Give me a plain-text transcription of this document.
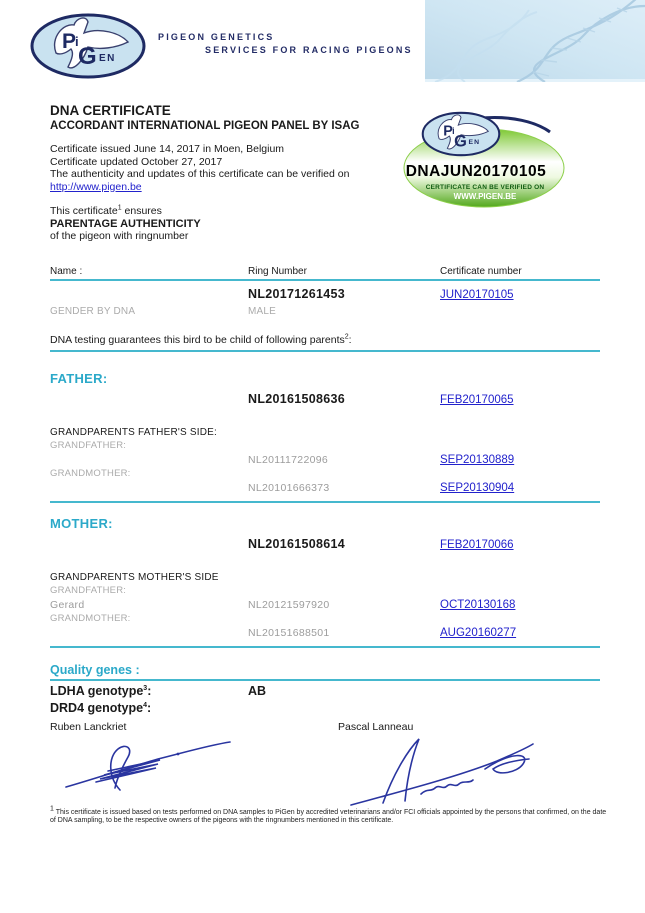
PIGEON GENETICS
SERVICES FOR RACING PIGEONS
DNAJUN20170105
CERTIFICATE CAN BE VERIFIED ON
WWW.PIGEN.BE
DNA CERTIFICATE
ACCORDANT INTERNATIONAL PIGEON PANEL BY ISAG
Certificate issued June 14, 2017 in Moen, Belgium
Certificate updated October 27, 2017
The authenticity and updates of this certificate can be verified on
http://www.pigen.be
This certificate$^1$ ensures
PARENTAGE AUTHENTICITY
of the pigeon with ringnumber
Name :	Ring Number	Certificate number
NL20171261453	JUN20170105
GENDER BY DNA	MALE
DNA testing guarantees this bird to be child of following parents$^2$:
FATHER:
NL20161508636	FEB20170065
GRANDPARENTS FATHER'S SIDE:
GRANDFATHER:
NL20111722096	SEP20130889
GRANDMOTHER:
NL20101666373	SEP20130904
MOTHER:
NL20161508614	FEB20170066
GRANDPARENTS MOTHER'S SIDE
GRANDFATHER:
Gerard	NL20121597920	OCT20130168
GRANDMOTHER:
NL20151688501	AUG20160277
Quality genes :
LDHA genotype$^3$:	AB
DRD4 genotype$^4$:
Ruben Lanckriet	Pascal Lanneau
$^1$ This certificate is issued based on tests performed on DNA samples to PiGen by accredited veterinarians and/or FCI officials appointed by the persons that confirmed, on the date of DNA sampling, to be the respective owners of the pigeons with the ringnumbers mentioned in this certificate.
